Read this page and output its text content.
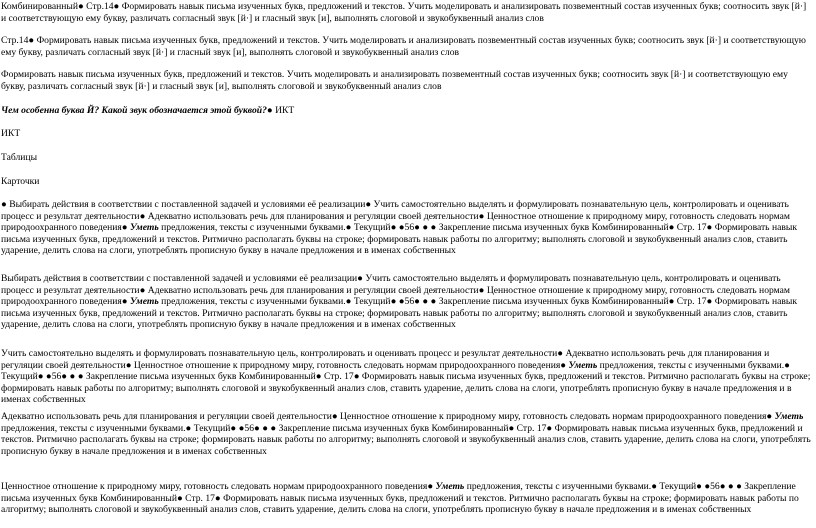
Комбинированный● Стр.14● Формировать навык письма изученных букв, предложений и текстов. Учить моделировать и анализировать позвементный состав изученных букв; соотносить звук [й·] и соответствующую ему букву, различать согласный звук [й·] и гласный звук [и], выполнять слоговой и звукобуквенный анализ слов

Стр.14● Формировать навык письма изученных букв, предложений и текстов. Учить моделировать и анализировать позвементный состав изученных букв; соотносить звук [й·] и соответствующую ему букву, различать согласный звук [й·] и гласный звук [и], выполнять слоговой и звукобуквенный анализ слов

Формировать навык письма изученных букв, предложений и текстов. Учить моделировать и анализировать позвементный состав изученных букв; соотносить звук [й·] и соответствующую ему букву, различать согласный звук [й·] и гласный звук [и], выполнять слоговой и звукобуквенный анализ слов

Чем особенна буква Й? Какой звук обозначается этой буквой?● ИКТ

ИКТ

Таблицы

Карточки

● Выбирать действия в соответствии с поставленной задачей и условиями её реализации● Учить самостоятельно выделять и формулировать познавательную цель, контролировать и оценивать процесс и результат деятельности● Адекватно использовать речь для планирования и регуляции своей деятельности● Ценностное отношение к природному миру, готовность следовать нормам природоохранного поведения● Уметь предложения, тексты с изученными буквами.● Текущий● ●56● ● ● Закрепление письма изученных букв Комбинированный● Стр. 17● Формировать навык письма изученных букв, предложений и текстов. Ритмично располагать буквы на строке; формировать навык работы по алгоритму; выполнять слоговой и звукобуквенный анализ слов, ставить ударение, делить слова на слоги, употреблять прописную букву в начале предложения и в именах собственных

Выбирать действия в соответствии с поставленной задачей и условиями её реализации● Учить самостоятельно выделять и формулировать познавательную цель, контролировать и оценивать процесс и результат деятельности● Адекватно использовать речь для планирования и регуляции своей деятельности● Ценностное отношение к природному миру, готовность следовать нормам природоохранного поведения● Уметь предложения, тексты с изученными буквами.● Текущий● ●56● ● ● Закрепление письма изученных букв Комбинированный● Стр. 17● Формировать навык письма изученных букв, предложений и текстов. Ритмично располагать буквы на строке; формировать навык работы по алгоритму; выполнять слоговой и звукобуквенный анализ слов, ставить ударение, делить слова на слоги, употреблять прописную букву в начале предложения и в именах собственных

Учить самостоятельно выделять и формулировать познавательную цель, контролировать и оценивать процесс и результат деятельности● Адекватно использовать речь для планирования и регуляции своей деятельности● Ценностное отношение к природному миру, готовность следовать нормам природоохранного поведения● Уметь предложения, тексты с изученными буквами.● Текущий● ●56● ● ● Закрепление письма изученных букв Комбинированный● Стр. 17● Формировать навык письма изученных букв, предложений и текстов. Ритмично располагать буквы на строке; формировать навык работы по алгоритму; выполнять слоговой и звукобуквенный анализ слов, ставить ударение, делить слова на слоги, употреблять прописную букву в начале предложения и в именах собственных

Адекватно использовать речь для планирования и регуляции своей деятельности● Ценностное отношение к природному миру, готовность следовать нормам природоохранного поведения● Уметь предложения, тексты с изученными буквами.● Текущий● ●56● ● ● Закрепление письма изученных букв Комбинированный● Стр. 17● Формировать навык письма изученных букв, предложений и текстов. Ритмично располагать буквы на строке; формировать навык работы по алгоритму; выполнять слоговой и звукобуквенный анализ слов, ставить ударение, делить слова на слоги, употреблять прописную букву в начале предложения и в именах собственных

Ценностное отношение к природному миру, готовность следовать нормам природоохранного поведения● Уметь предложения, тексты с изученными буквами.● Текущий● ●56● ● ● Закрепление письма изученных букв Комбинированный● Стр. 17● Формировать навык письма изученных букв, предложений и текстов. Ритмично располагать буквы на строке; формировать навык работы по алгоритму; выполнять слоговой и звукобуквенный анализ слов, ставить ударение, делить слова на слоги, употреблять прописную букву в начале предложения и в именах собственных
